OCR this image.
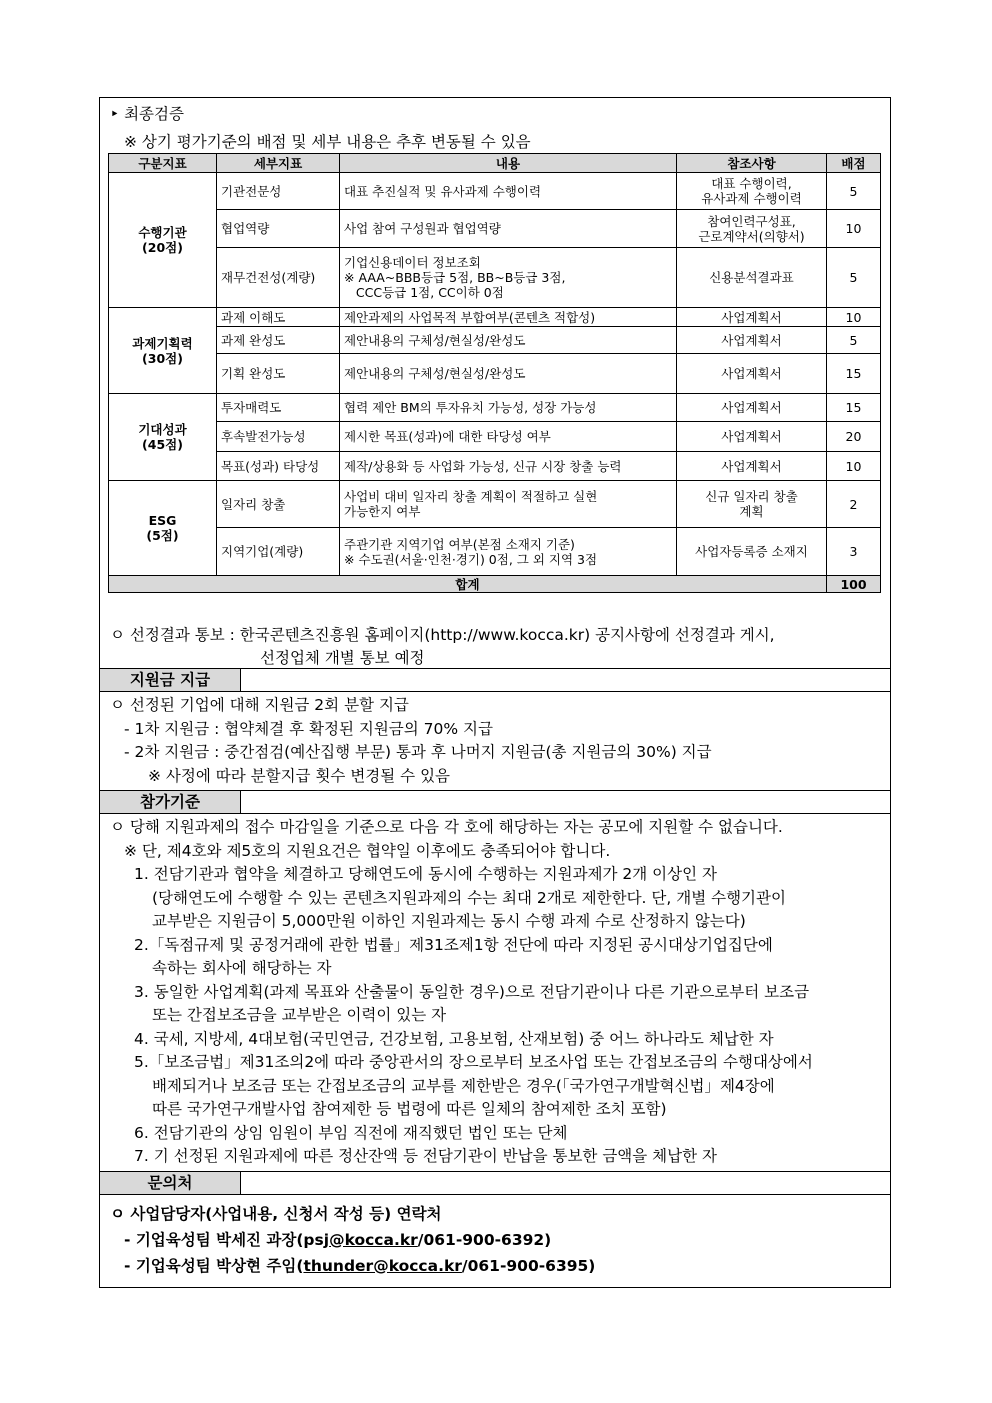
‣ 최종검증
※ 상기 평가기준의 배점 및 세부 내용은 추후 변동될 수 있음
구분지표	세부지표	내용	참조사항	배점
수행기관
(20점)	기관전문성	대표 추진실적 및 유사과제 수행이력	대표 수행이력,
유사과제 수행이력	5
	협업역량	사업 참여 구성원과 협업역량	참여인력구성표,
근로계약서(의향서)	10
	재무건전성(계량)	기업신용데이터 정보조회
※ AAA~BBB등급 5점, BB~B등급 3점,
CCC등급 1점, CC이하 0점	신용분석결과표	5
과제기획력
(30점)	과제 이해도	제안과제의 사업목적 부합여부(콘텐츠 적합성)	사업계획서	10
	과제 완성도	제안내용의 구체성/현실성/완성도	사업계획서	5
	기획 완성도	제안내용의 구체성/현실성/완성도	사업계획서	15
기대성과
(45점)	투자매력도	협력 제안 BM의 투자유치 가능성, 성장 가능성	사업계획서	15
	후속발전가능성	제시한 목표(성과)에 대한 타당성 여부	사업계획서	20
	목표(성과) 타당성	제작/상용화 등 사업화 가능성, 신규 시장 창출 능력	사업계획서	10
ESG
(5점)	일자리 창출	사업비 대비 일자리 창출 계획이 적절하고 실현
가능한지 여부	신규 일자리 창출
계획	2
	지역기업(계량)	주관기관 지역기업 여부(본점 소재지 기준)
※ 수도권(서울·인천·경기) 0점, 그 외 지역 3점	사업자등록증 소재지	3
합계				100
ㅇ 선정결과 통보 : 한국콘텐츠진흥원 홈페이지(http://www.kocca.kr) 공지사항에 선정결과 게시,
선정업체 개별 통보 예정
지원금 지급
ㅇ 선정된 기업에 대해 지원금 2회 분할 지급
- 1차 지원금 : 협약체결 후 확정된 지원금의 70% 지급
- 2차 지원금 : 중간점검(예산집행 부문) 통과 후 나머지 지원금(총 지원금의 30%) 지급
※ 사정에 따라 분할지급 횟수 변경될 수 있음
참가기준
ㅇ 당해 지원과제의 접수 마감일을 기준으로 다음 각 호에 해당하는 자는 공모에 지원할 수 없습니다.
※ 단, 제4호와 제5호의 지원요건은 협약일 이후에도 충족되어야 합니다.
1. 전담기관과 협약을 체결하고 당해연도에 동시에 수행하는 지원과제가 2개 이상인 자
(당해연도에 수행할 수 있는 콘텐츠지원과제의 수는 최대 2개로 제한한다. 단, 개별 수행기관이
교부받은 지원금이 5,000만원 이하인 지원과제는 동시 수행 과제 수로 산정하지 않는다)
2.「독점규제 및 공정거래에 관한 법률」제31조제1항 전단에 따라 지정된 공시대상기업집단에
속하는 회사에 해당하는 자
3. 동일한 사업계획(과제 목표와 산출물이 동일한 경우)으로 전담기관이나 다른 기관으로부터 보조금
또는 간접보조금을 교부받은 이력이 있는 자
4. 국세, 지방세, 4대보험(국민연금, 건강보험, 고용보험, 산재보험) 중 어느 하나라도 체납한 자
5.「보조금법」제31조의2에 따라 중앙관서의 장으로부터 보조사업 또는 간접보조금의 수행대상에서
배제되거나 보조금 또는 간접보조금의 교부를 제한받은 경우(「국가연구개발혁신법」제4장에
따른 국가연구개발사업 참여제한 등 법령에 따른 일체의 참여제한 조치 포함)
6. 전담기관의 상임 임원이 부임 직전에 재직했던 법인 또는 단체
7. 기 선정된 지원과제에 따른 정산잔액 등 전담기관이 반납을 통보한 금액을 체납한 자
문의처
ㅇ 사업담당자(사업내용, 신청서 작성 등) 연락처
- 기업육성팀 박세진 과장(psj@kocca.kr/061-900-6392)
- 기업육성팀 박상현 주임(thunder@kocca.kr/061-900-6395)
